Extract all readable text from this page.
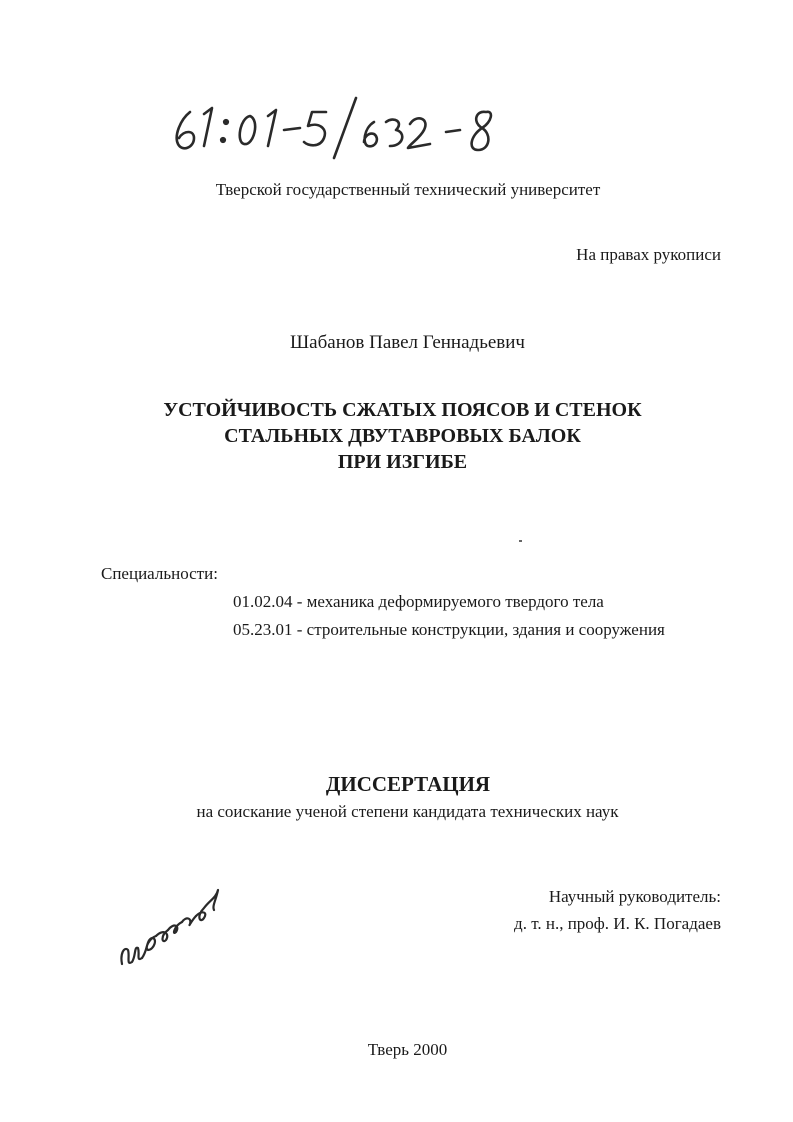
Тверской государственный технический университет
На правах рукописи
Шабанов Павел Геннадьевич
УСТОЙЧИВОСТЬ СЖАТЫХ ПОЯСОВ И СТЕНОК
СТАЛЬНЫХ ДВУТАВРОВЫХ БАЛОК
ПРИ ИЗГИБЕ
Специальности:
01.02.04 - механика деформируемого твердого тела
05.23.01 - строительные конструкции, здания и сооружения
ДИССЕРТАЦИЯ
на соискание ученой степени кандидата технических наук
Научный руководитель:
д. т. н., проф. И. К. Погадаев
Тверь 2000
